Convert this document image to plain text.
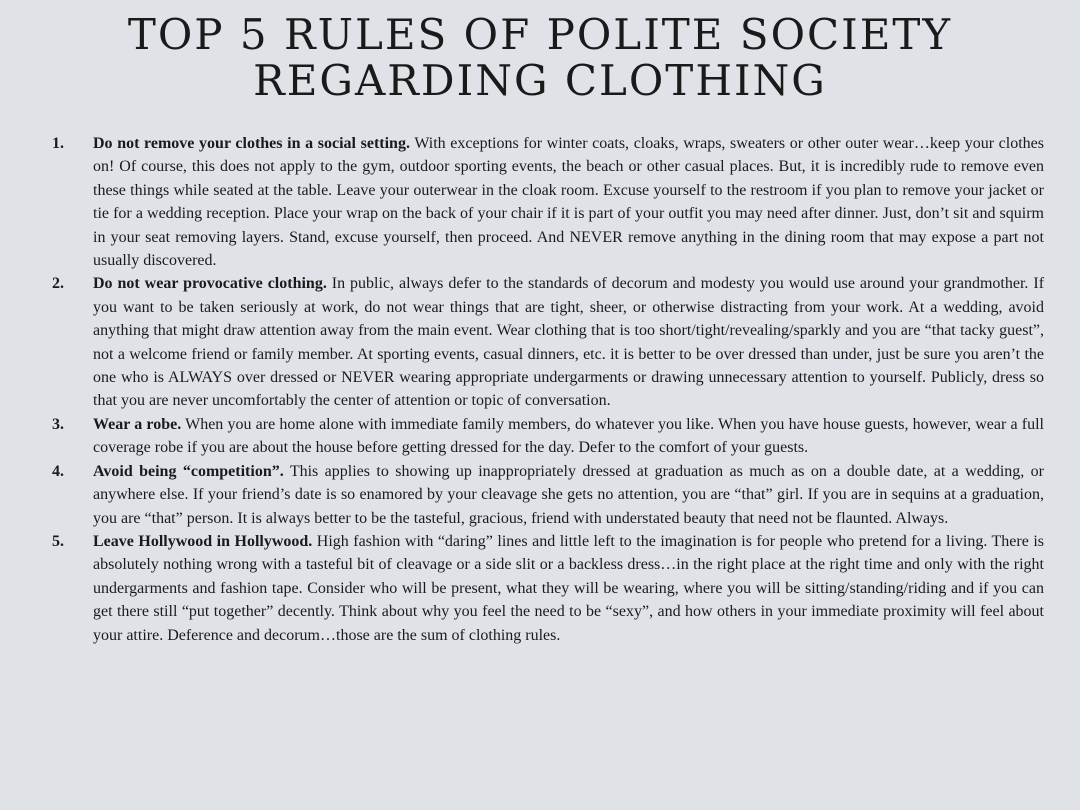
TOP 5 RULES OF POLITE SOCIETY
REGARDING CLOTHING
1.	Do not remove your clothes in a social setting. With exceptions for winter coats, cloaks, wraps, sweaters or other outer wear…keep your clothes on! Of course, this does not apply to the gym, outdoor sporting events, the beach or other casual places. But, it is incredibly rude to remove even these things while seated at the table. Leave your outerwear in the cloak room. Excuse yourself to the restroom if you plan to remove your jacket or tie for a wedding reception. Place your wrap on the back of your chair if it is part of your outfit you may need after dinner. Just, don’t sit and squirm in your seat removing layers. Stand, excuse yourself, then proceed. And NEVER remove anything in the dining room that may expose a part not usually discovered.
2.	Do not wear provocative clothing. In public, always defer to the standards of decorum and modesty you would use around your grandmother. If you want to be taken seriously at work, do not wear things that are tight, sheer, or otherwise distracting from your work. At a wedding, avoid anything that might draw attention away from the main event. Wear clothing that is too short/tight/revealing/sparkly and you are “that tacky guest”, not a welcome friend or family member. At sporting events, casual dinners, etc. it is better to be over dressed than under, just be sure you aren’t the one who is ALWAYS over dressed or NEVER wearing appropriate undergarments or drawing unnecessary attention to yourself. Publicly, dress so that you are never uncomfortably the center of attention or topic of conversation.
3.	Wear a robe. When you are home alone with immediate family members, do whatever you like. When you have house guests, however, wear a full coverage robe if you are about the house before getting dressed for the day. Defer to the comfort of your guests.
4.	Avoid being “competition”. This applies to showing up inappropriately dressed at graduation as much as on a double date, at a wedding, or anywhere else. If your friend’s date is so enamored by your cleavage she gets no attention, you are “that” girl. If you are in sequins at a graduation, you are “that” person. It is always better to be the tasteful, gracious, friend with understated beauty that need not be flaunted. Always.
5.	Leave Hollywood in Hollywood. High fashion with “daring” lines and little left to the imagination is for people who pretend for a living. There is absolutely nothing wrong with a tasteful bit of cleavage or a side slit or a backless dress…in the right place at the right time and only with the right undergarments and fashion tape. Consider who will be present, what they will be wearing, where you will be sitting/standing/riding and if you can get there still “put together” decently. Think about why you feel the need to be “sexy”, and how others in your immediate proximity will feel about your attire. Deference and decorum…those are the sum of clothing rules.
